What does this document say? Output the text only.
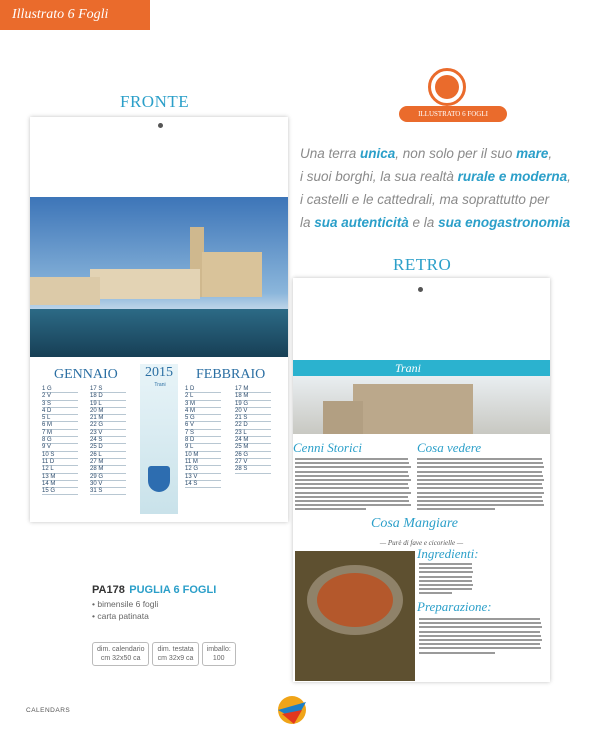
Illustrato 6 Fogli
FRONTE
GENNAIO	FEBBRAIO
2015
Trani
1 G
2 V
3 S
4 D
5 L
6 M
7 M
8 G
9 V
10 S
11 D
12 L
13 M
14 M
15 G
17 S
18 D
19 L
20 M
21 M
22 G
23 V
24 S
25 D
26 L
27 M
28 M
29 G
30 V
31 S
1 D
2 L
3 M
4 M
5 G
6 V
7 S
8 D
9 L
10 M
11 M
12 G
13 V
14 S
17 M
18 M
19 G
20 V
21 S
22 D
23 L
24 M
25 M
26 G
27 V
28 S
ILLUSTRATO 6 FOGLI
Una terra unica, non solo per il suo mare,
i suoi borghi, la sua realtà rurale e moderna,
i castelli e le cattedrali, ma soprattutto per
la sua autenticità e la sua enogastronomia
RETRO
Trani
Cenni Storici	Cosa vedere
Cosa Mangiare
— Purè di fave e cicorielle —
Ingredienti:
Preparazione:
PA178 PUGLIA 6 FOGLI
• bimensile 6 fogli
• carta patinata
dim. calendario
cm 32x50 ca
dim. testata
cm 32x9 ca
imballo:
100
CALENDARS
